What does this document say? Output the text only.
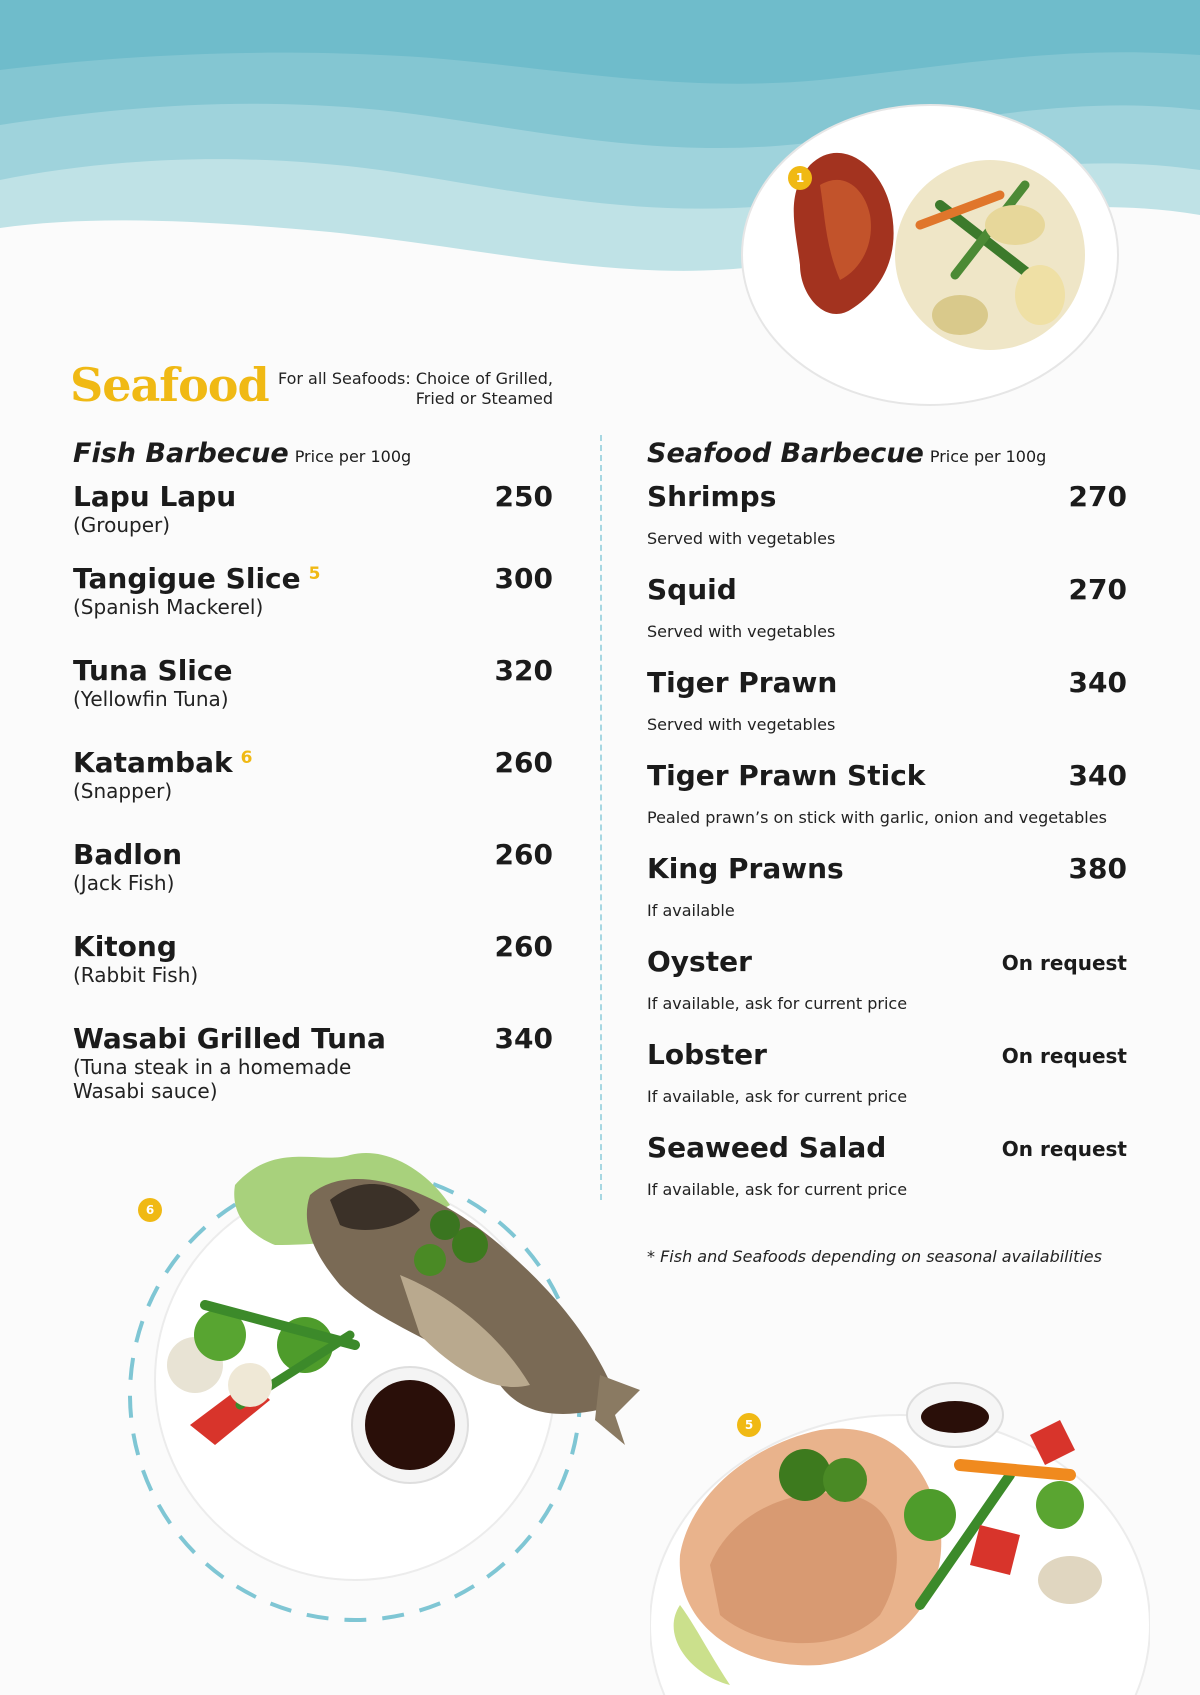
1
Seafood For all Seafoods: Choice of Grilled, Fried or Steamed
Fish Barbecue Price per 100g	Seafood Barbecue Price per 100g
Lapu Lapu	250
(Grouper)
Tangigue Slice $^5$	300
(Spanish Mackerel)
Tuna Slice	320
(Yellowfin Tuna)
Katambak $^6$	260
(Snapper)
Badlon	260
(Jack Fish)
Kitong	260
(Rabbit Fish)
Wasabi Grilled Tuna	340
(Tuna steak in a homemade Wasabi sauce)
Shrimps	270
Served with vegetables
Squid	270
Served with vegetables
Tiger Prawn	340
Served with vegetables
Tiger Prawn Stick	340
Pealed prawn’s on stick with garlic, onion and vegetables
King Prawns	380
If available
Oyster	On request
If available, ask for current price
Lobster	On request
If available, ask for current price
Seaweed Salad	On request
If available, ask for current price
* Fish and Seafoods depending on seasonal availabilities
6
5
